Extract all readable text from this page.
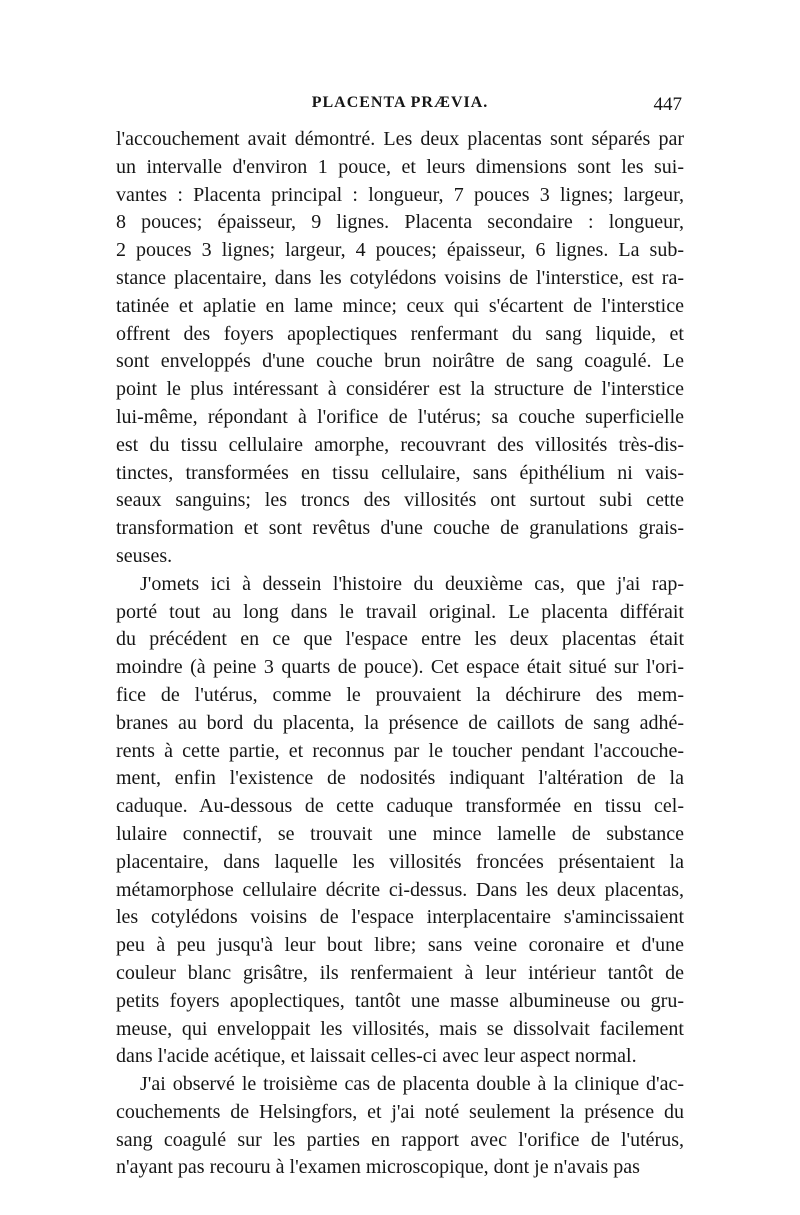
PLACENTA PRÆVIA.	447

l'accouchement avait démontré. Les deux placentas sont séparés par
un intervalle d'environ 1 pouce, et leurs dimensions sont les sui-
vantes : Placenta principal : longueur, 7 pouces 3 lignes; largeur,
8 pouces; épaisseur, 9 lignes. Placenta secondaire : longueur,
2 pouces 3 lignes; largeur, 4 pouces; épaisseur, 6 lignes. La sub-
stance placentaire, dans les cotylédons voisins de l'interstice, est ra-
tatinée et aplatie en lame mince; ceux qui s'écartent de l'interstice
offrent des foyers apoplectiques renfermant du sang liquide, et
sont enveloppés d'une couche brun noirâtre de sang coagulé. Le
point le plus intéressant à considérer est la structure de l'interstice
lui-même, répondant à l'orifice de l'utérus; sa couche superficielle
est du tissu cellulaire amorphe, recouvrant des villosités très-dis-
tinctes, transformées en tissu cellulaire, sans épithélium ni vais-
seaux sanguins; les troncs des villosités ont surtout subi cette
transformation et sont revêtus d'une couche de granulations grais-
seuses.

J'omets ici à dessein l'histoire du deuxième cas, que j'ai rap-
porté tout au long dans le travail original. Le placenta différait
du précédent en ce que l'espace entre les deux placentas était
moindre (à peine 3 quarts de pouce). Cet espace était situé sur l'ori-
fice de l'utérus, comme le prouvaient la déchirure des mem-
branes au bord du placenta, la présence de caillots de sang adhé-
rents à cette partie, et reconnus par le toucher pendant l'accouche-
ment, enfin l'existence de nodosités indiquant l'altération de la
caduque. Au-dessous de cette caduque transformée en tissu cel-
lulaire connectif, se trouvait une mince lamelle de substance
placentaire, dans laquelle les villosités froncées présentaient la
métamorphose cellulaire décrite ci-dessus. Dans les deux placentas,
les cotylédons voisins de l'espace interplacentaire s'amincissaient
peu à peu jusqu'à leur bout libre; sans veine coronaire et d'une
couleur blanc grisâtre, ils renfermaient à leur intérieur tantôt de
petits foyers apoplectiques, tantôt une masse albumineuse ou gru-
meuse, qui enveloppait les villosités, mais se dissolvait facilement
dans l'acide acétique, et laissait celles-ci avec leur aspect normal.

J'ai observé le troisième cas de placenta double à la clinique d'ac-
couchements de Helsingfors, et j'ai noté seulement la présence du
sang coagulé sur les parties en rapport avec l'orifice de l'utérus,
n'ayant pas recouru à l'examen microscopique, dont je n'avais pas
